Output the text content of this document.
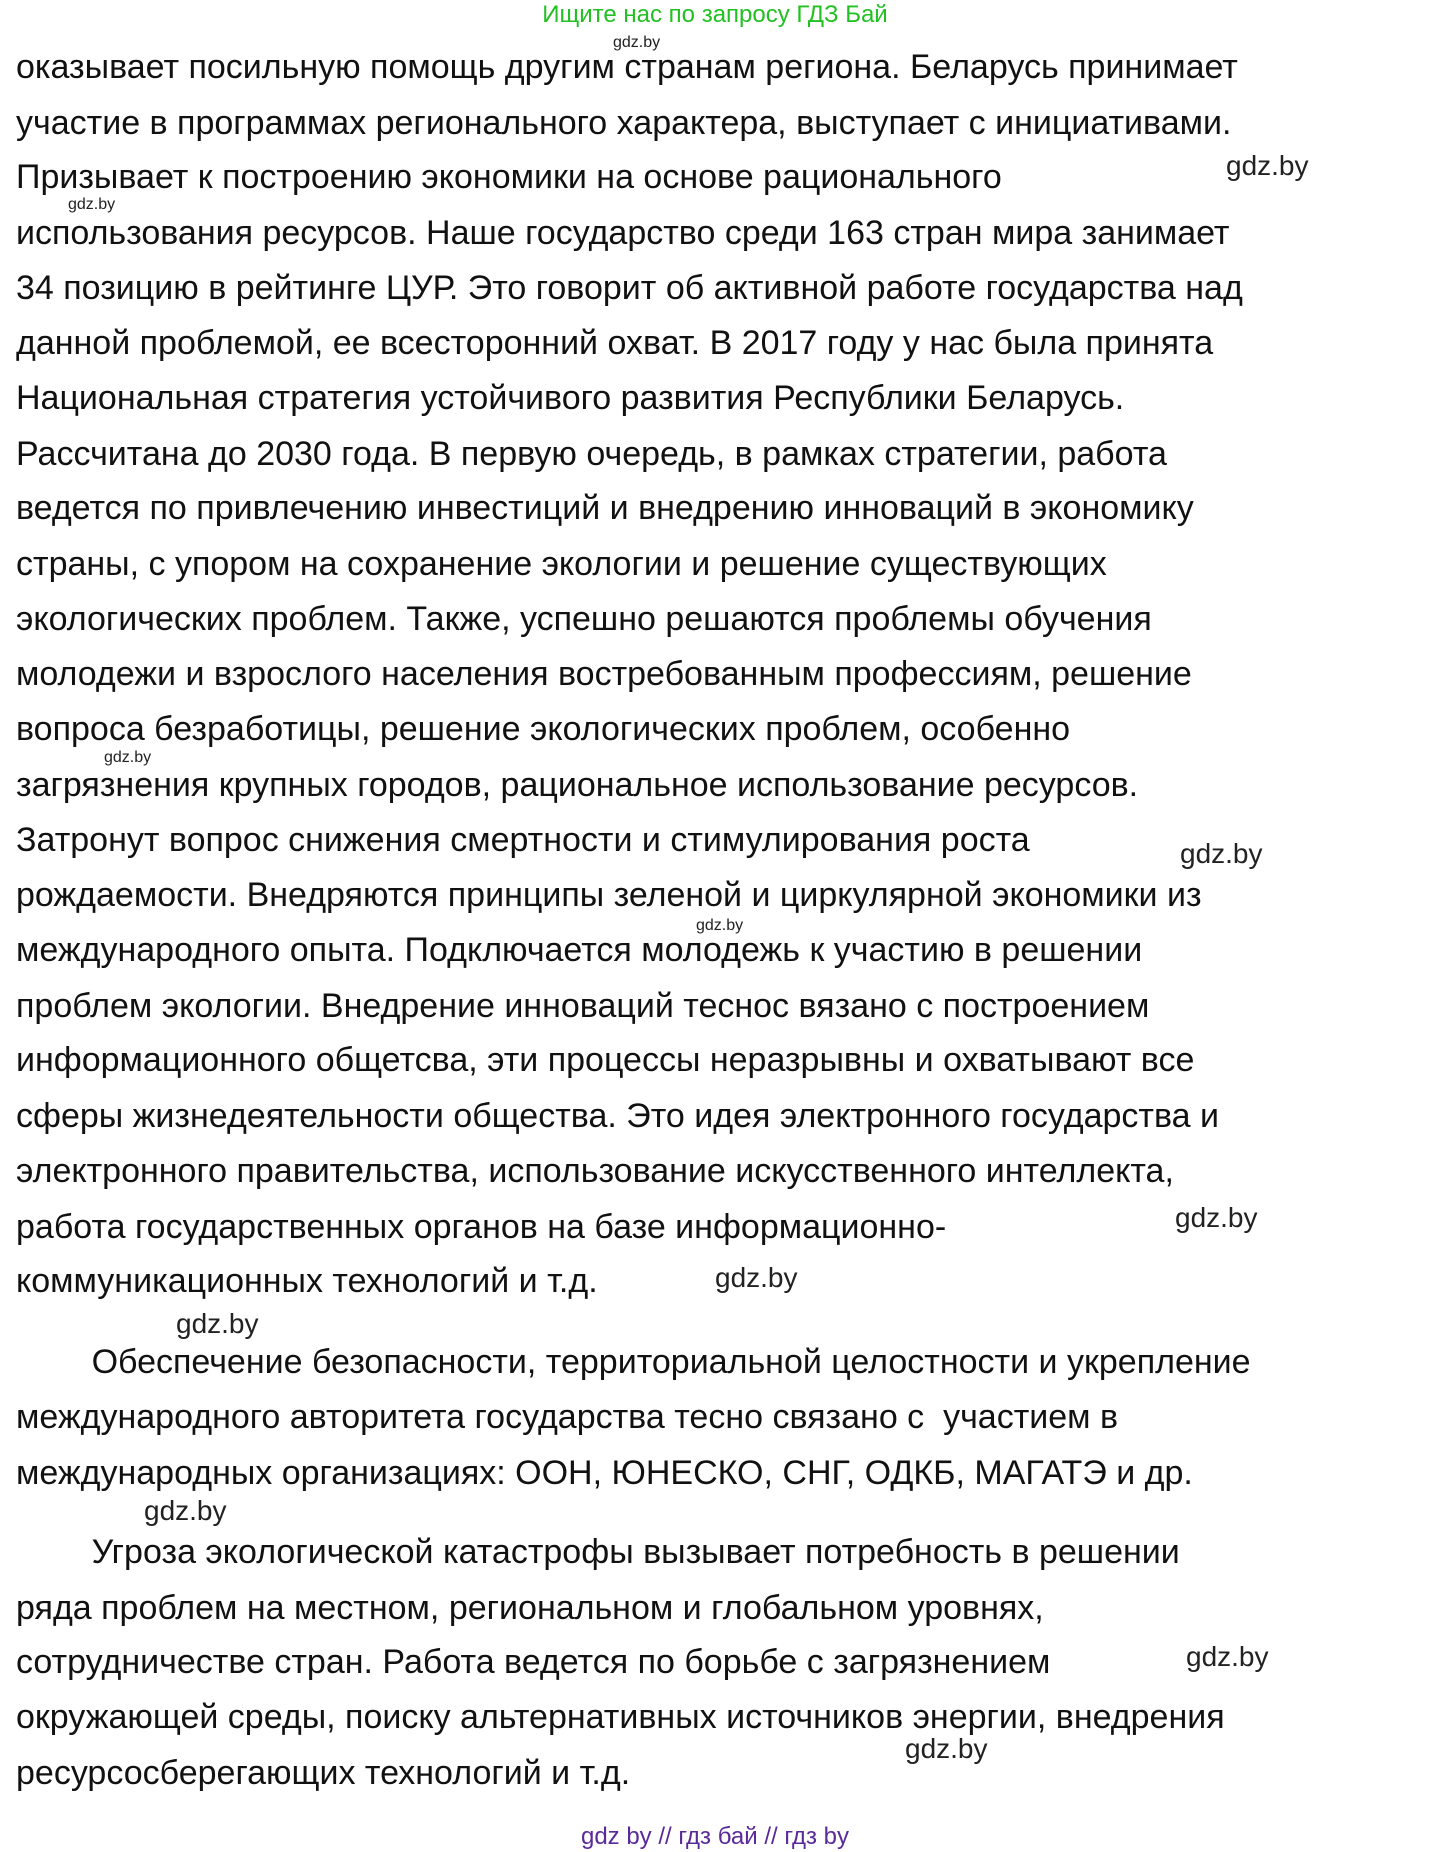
Ищите нас по запросу ГДЗ Бай
оказывает посильную помощь другим странам региона. Беларусь принимает
участие в программах регионального характера, выступает с инициативами.
Призывает к построению экономики на основе рационального
использования ресурсов. Наше государство среди 163 стран мира занимает
34 позицию в рейтинге ЦУР. Это говорит об активной работе государства над
данной проблемой, ее всесторонний охват. В 2017 году у нас была принята
Национальная стратегия устойчивого развития Республики Беларусь.
Рассчитана до 2030 года. В первую очередь, в рамках стратегии, работа
ведется по привлечению инвестиций и внедрению инноваций в экономику
страны, с упором на сохранение экологии и решение существующих
экологических проблем. Также, успешно решаются проблемы обучения
молодежи и взрослого населения востребованным профессиям, решение
вопроса безработицы, решение экологических проблем, особенно
загрязнения крупных городов, рациональное использование ресурсов.
Затронут вопрос снижения смертности и стимулирования роста
рождаемости. Внедряются принципы зеленой и циркулярной экономики из
международного опыта. Подключается молодежь к участию в решении
проблем экологии. Внедрение инноваций теснос вязано с построением
информационного общетсва, эти процессы неразрывны и охватывают все
сферы жизнедеятельности общества. Это идея электронного государства и
электронного правительства, использование искусственного интеллекта,
работа государственных органов на базе информационно-
коммуникационных технологий и т.д.
Обеспечение безопасности, территориальной целостности и укрепление
международного авторитета государства тесно связано с  участием в
международных организациях: ООН, ЮНЕСКО, СНГ, ОДКБ, МАГАТЭ и др.
Угроза экологической катастрофы вызывает потребность в решении
ряда проблем на местном, региональном и глобальном уровнях,
сотрудничестве стран. Работа ведется по борьбе с загрязнением
окружающей среды, поиску альтернативных источников энергии, внедрения
ресурсосберегающих технологий и т.д.
gdz.by
gdz.by
gdz.by
gdz.by
gdz.by
gdz.by
gdz.by
gdz.by
gdz.by
gdz.by
gdz.by
gdz.by
gdz by // гдз бай // гдз by
